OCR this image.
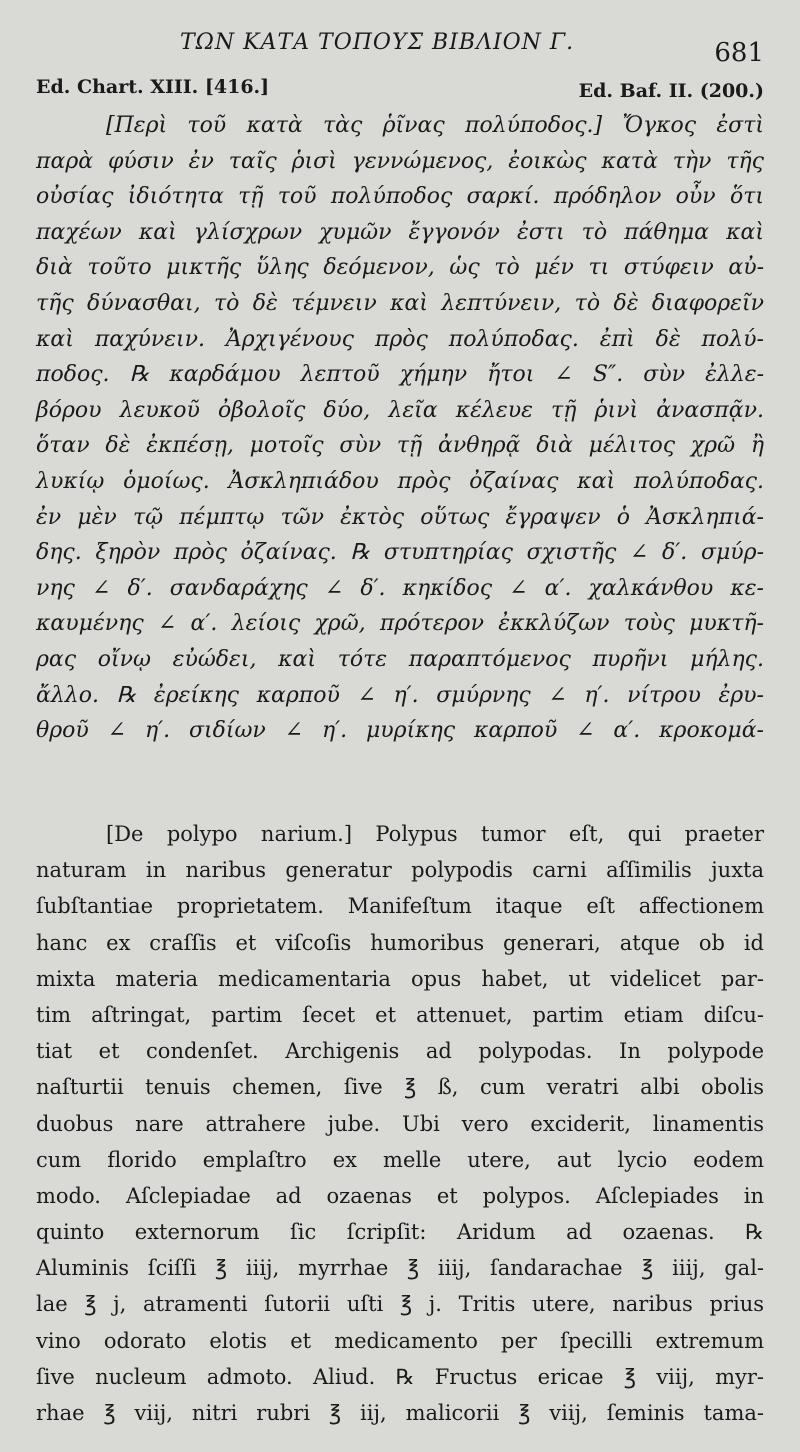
ΤΩΝ ΚΑΤΑ ΤΟΠΟΥΣ ΒΙΒΛΙΟΝ Γ.	681
Ed. Chart. XIII. [416.]	Ed. Baf. II. (200.)
[Περὶ τοῦ κατὰ τὰς ῥῖνας πολύποδος.] Ὄγκος ἐστὶ
παρὰ φύσιν ἐν ταῖς ῥισὶ γεννώμενος, ἐοικὼς κατὰ τὴν τῆς
οὐσίας ἰδιότητα τῇ τοῦ πολύποδος σαρκί. πρόδηλον οὖν ὅτι
παχέων καὶ γλίσχρων χυμῶν ἔγγονόν ἐστι τὸ πάθημα καὶ
διὰ τοῦτο μικτῆς ὕλης δεόμενον, ὡς τὸ μέν τι στύφειν αὐ-
τῆς δύνασθαι, τὸ δὲ τέμνειν καὶ λεπτύνειν, τὸ δὲ διαφορεῖν
καὶ παχύνειν. Ἀρχιγένους πρὸς πολύποδας. ἐπὶ δὲ πολύ-
ποδος. ℞ καρδάμου λεπτοῦ χήμην ἤτοι ∠ S″. σὺν ἐλλε-
βόρου λευκοῦ ὀβολοῖς δύο, λεῖα κέλευε τῇ ῥινὶ ἀνασπᾷν.
ὅταν δὲ ἐκπέσῃ, μοτοῖς σὺν τῇ ἀνθηρᾷ διὰ μέλιτος χρῶ ἢ
λυκίῳ ὁμοίως. Ἀσκληπιάδου πρὸς ὀζαίνας καὶ πολύποδας.
ἐν μὲν τῷ πέμπτῳ τῶν ἐκτὸς οὕτως ἔγραψεν ὁ Ἀσκληπιά-
δης. ξηρὸν πρὸς ὀζαίνας. ℞ στυπτηρίας σχιστῆς ∠ δ′. σμύρ-
νης ∠ δ′. σανδαράχης ∠ δ′. κηκίδος ∠ α′. χαλκάνθου κε-
καυμένης ∠ α′. λείοις χρῶ, πρότερον ἐκκλύζων τοὺς μυκτῆ-
ρας οἴνῳ εὐώδει, καὶ τότε παραπτόμενος πυρῆνι μήλης.
ἄλλο. ℞ ἐρείκης καρποῦ ∠ η′. σμύρνης ∠ η′. νίτρου ἐρυ-
θροῦ ∠ η′. σιδίων ∠ η′. μυρίκης καρποῦ ∠ α′. κροκομά-
[De polypo narium.] Polypus tumor eſt, qui praeter
naturam in naribus generatur polypodis carni aſſimilis juxta
ſubſtantiae proprietatem. Manifeſtum itaque eſt affectionem
hanc ex craſſis et viſcoſis humoribus generari, atque ob id
mixta materia medicamentaria opus habet, ut videlicet par-
tim aſtringat, partim ſecet et attenuet, partim etiam diſcu-
tiat et condenſet. Archigenis ad polypodas. In polypode
naſturtii tenuis chemen, ſive ℥ ß, cum veratri albi obolis
duobus nare attrahere jube. Ubi vero exciderit, linamentis
cum florido emplaſtro ex melle utere, aut lycio eodem
modo. Aſclepiadae ad ozaenas et polypos. Aſclepiades in
quinto externorum ſic ſcripſit: Aridum ad ozaenas. ℞
Aluminis ſciſſi ℥ iiij, myrrhae ℥ iiij, ſandarachae ℥ iiij, gal-
lae ℥ j, atramenti ſutorii uſti ℥ j. Tritis utere, naribus prius
vino odorato elotis et medicamento per ſpecilli extremum
ſive nucleum admoto. Aliud. ℞ Fructus ericae ℥ viij, myr-
rhae ℥ viij, nitri rubri ℥ iij, malicorii ℥ viij, ſeminis tama-
